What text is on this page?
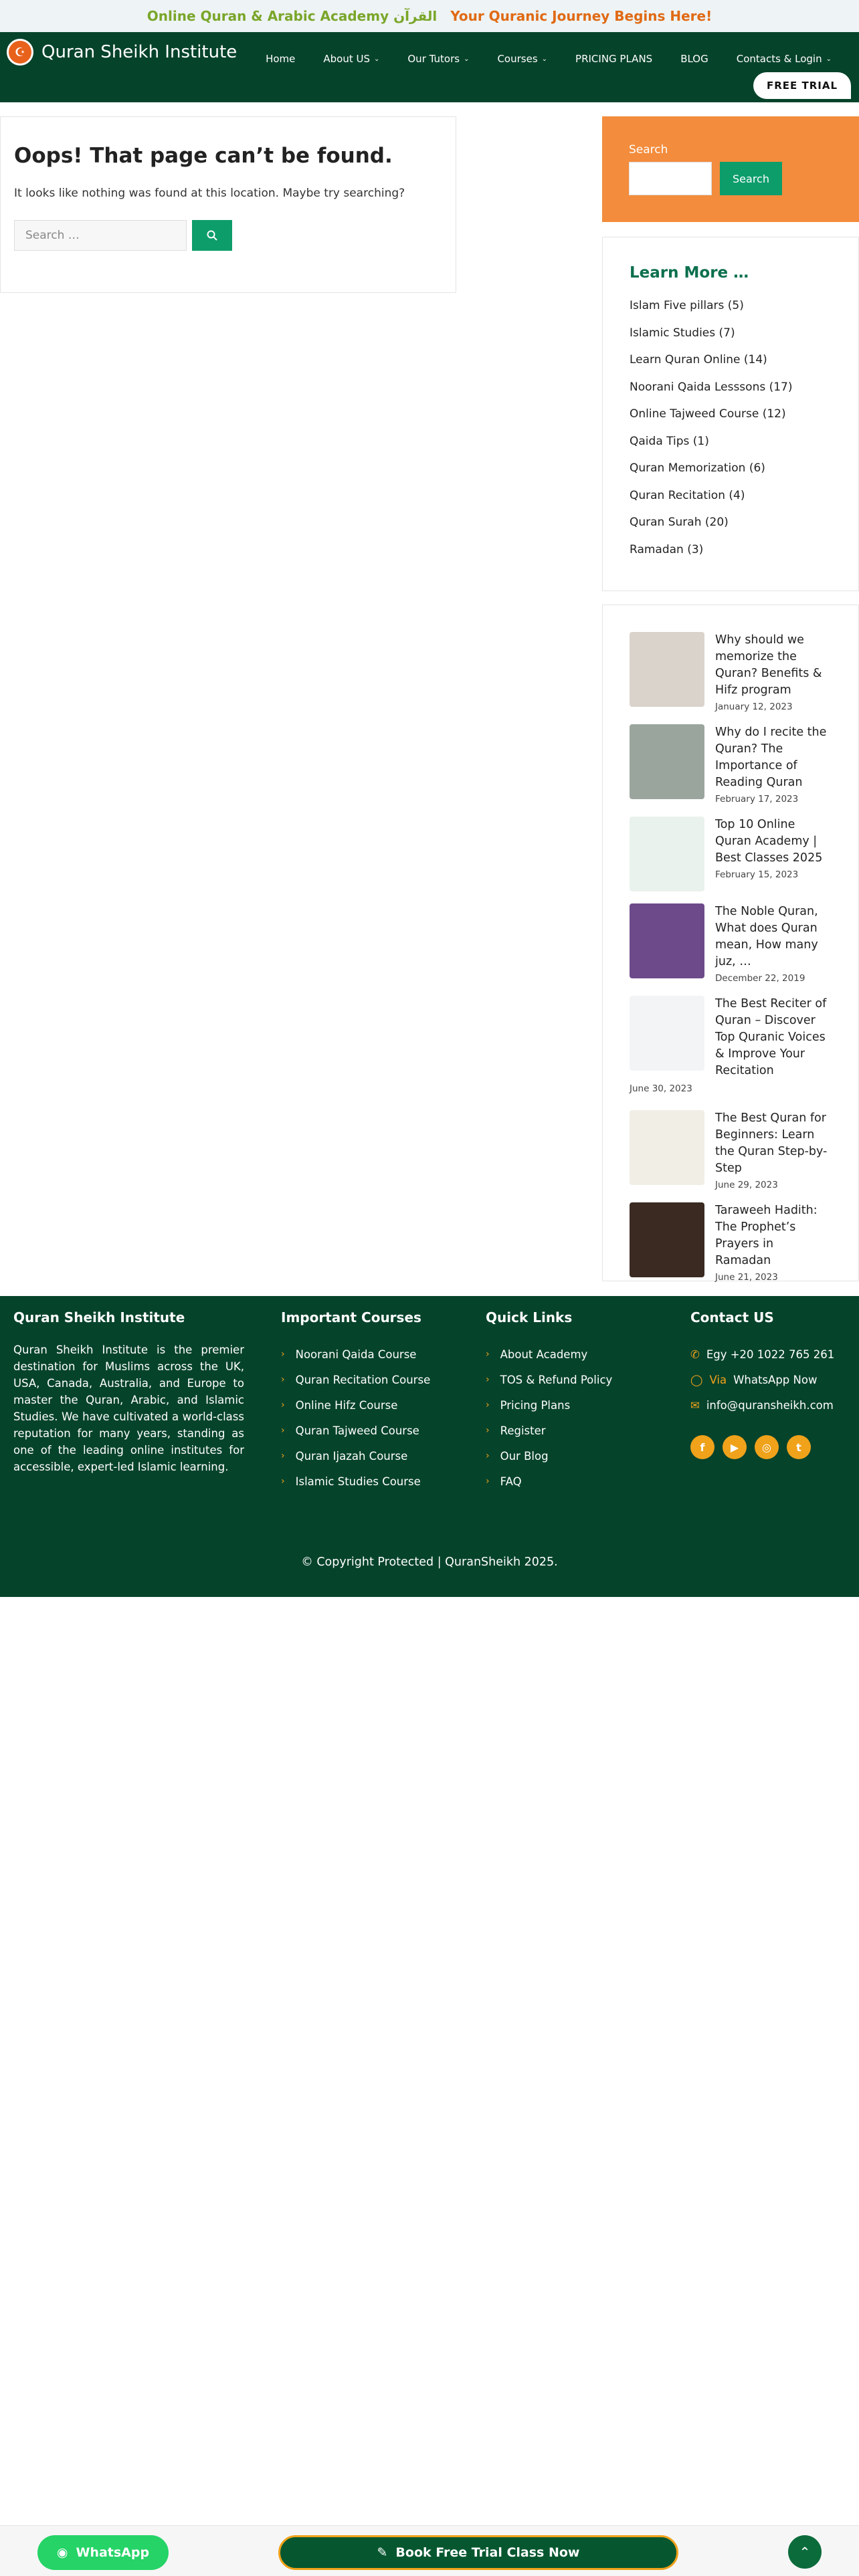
Online Quran & Arabic Academy القرآن Your Quranic Journey Begins Here!
☪ Quran Sheikh Institute	Home	About US ⌄	Our Tutors ⌄	Courses ⌄	PRICING PLANS	BLOG	Contacts & Login ⌄
FREE TRIAL
Oops! That page can’t be found.

It looks like nothing was found at this location. Maybe try searching?

Search …
Search
Search
Learn More …
Islam Five pillars (5)
Islamic Studies (7)
Learn Quran Online (14)
Noorani Qaida Lesssons (17)
Online Tajweed Course (12)
Qaida Tips (1)
Quran Memorization (6)
Quran Recitation (4)
Quran Surah (20)
Ramadan (3)
Why should we memorize the Quran? Benefits & Hifz program
January 12, 2023
Why do I recite the Quran? The Importance of Reading Quran
February 17, 2023
Top 10 Online Quran Academy | Best Classes 2025
February 15, 2023
The Noble Quran, What does Quran mean, How many juz, …
December 22, 2019
The Best Reciter of Quran – Discover Top Quranic Voices & Improve Your Recitation
June 30, 2023
The Best Quran for Beginners: Learn the Quran Step-by-Step
June 29, 2023
Taraweeh Hadith: The Prophet’s Prayers in Ramadan
June 21, 2023
Quran Sheikh Institute
Quran Sheikh Institute is the premier destination for Muslims across the UK, USA, Canada, Australia, and Europe to master the Quran, Arabic, and Islamic Studies. We have cultivated a world-class reputation for many years, standing as one of the leading online institutes for accessible, expert-led Islamic learning.
Important Courses
› Noorani Qaida Course
› Quran Recitation Course
› Online Hifz Course
› Quran Tajweed Course
› Quran Ijazah Course
› Islamic Studies Course
Quick Links
› About Academy
› TOS & Refund Policy
› Pricing Plans
› Register
› Our Blog
› FAQ
Contact US
✆ Egy +20 1022 765 261
◯ Via WhatsApp Now
✉ info@quransheikh.com
f	▶	◎	t
© Copyright Protected | QuranSheikh 2025.
◉ WhatsApp	✎ Book Free Trial Class Now	⌃
